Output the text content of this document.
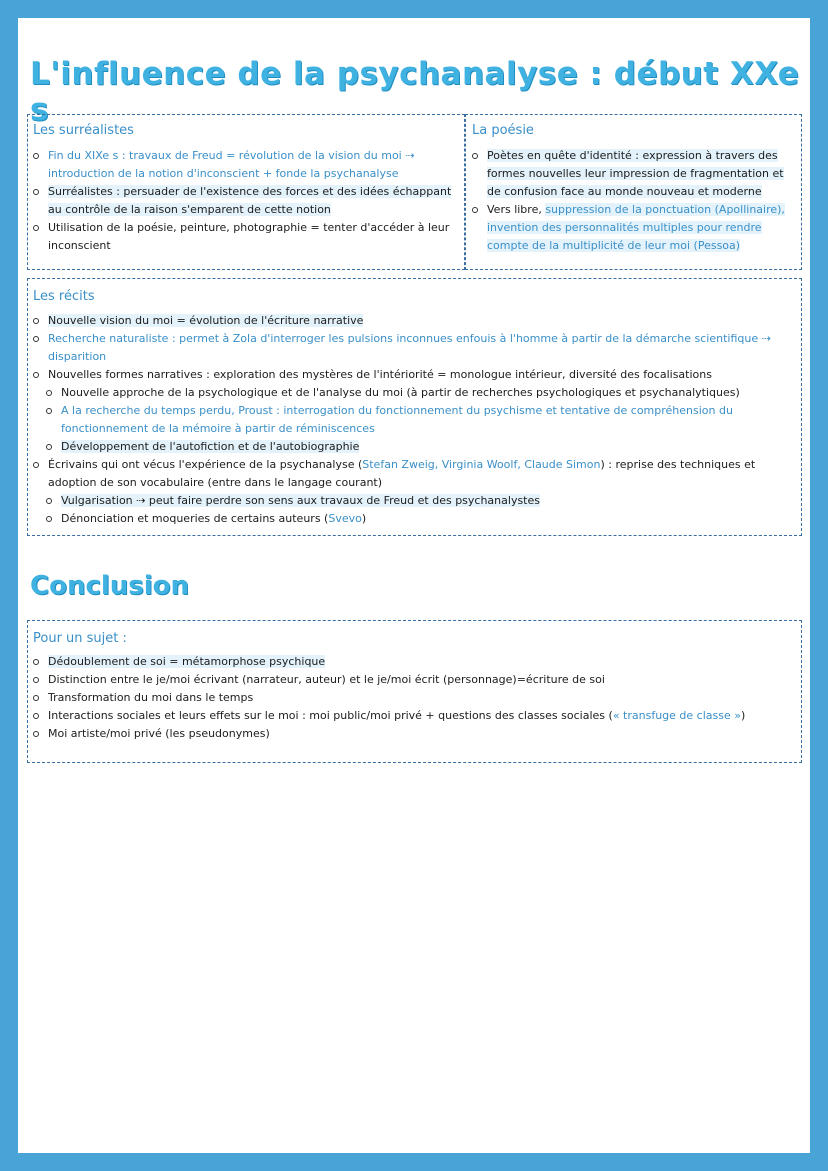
L'influence de la psychanalyse : début XXe s
Les surréalistes
Fin du XIXe s : travaux de Freud = révolution de la vision du moi ⇢ introduction de la notion d'inconscient + fonde la psychanalyse
Surréalistes : persuader de l'existence des forces et des idées échappant au contrôle de la raison s'emparent de cette notion
Utilisation de la poésie, peinture, photographie = tenter d'accéder à leur inconscient
La poésie
Poètes en quête d'identité : expression à travers des formes nouvelles leur impression de fragmentation et de confusion face au monde nouveau et moderne
Vers libre, suppression de la ponctuation (Apollinaire), invention des personnalités multiples pour rendre compte de la multiplicité de leur moi (Pessoa)
Les récits
Nouvelle vision du moi = évolution de l'écriture narrative
Recherche naturaliste : permet à Zola d'interroger les pulsions inconnues enfouis à l'homme à partir de la démarche scientifique ⇢ disparition
Nouvelles formes narratives : exploration des mystères de l'intériorité = monologue intérieur, diversité des focalisations
Nouvelle approche de la psychologique et de l'analyse du moi (à partir de recherches psychologiques et psychanalytiques)
A la recherche du temps perdu, Proust : interrogation du fonctionnement du psychisme et tentative de compréhension du fonctionnement de la mémoire à partir de réminiscences
Développement de l'autofiction et de l'autobiographie
Écrivains qui ont vécus l'expérience de la psychanalyse (Stefan Zweig, Virginia Woolf, Claude Simon) : reprise des techniques et adoption de son vocabulaire (entre dans le langage courant)
Vulgarisation ⇢ peut faire perdre son sens aux travaux de Freud et des psychanalystes
Dénonciation et moqueries de certains auteurs (Svevo)
Conclusion
Pour un sujet :
Dédoublement de soi = métamorphose psychique
Distinction entre le je/moi écrivant (narrateur, auteur) et le je/moi écrit (personnage)=écriture de soi
Transformation du moi dans le temps
Interactions sociales et leurs effets sur le moi : moi public/moi privé + questions des classes sociales (« transfuge de classe »)
Moi artiste/moi privé (les pseudonymes)
